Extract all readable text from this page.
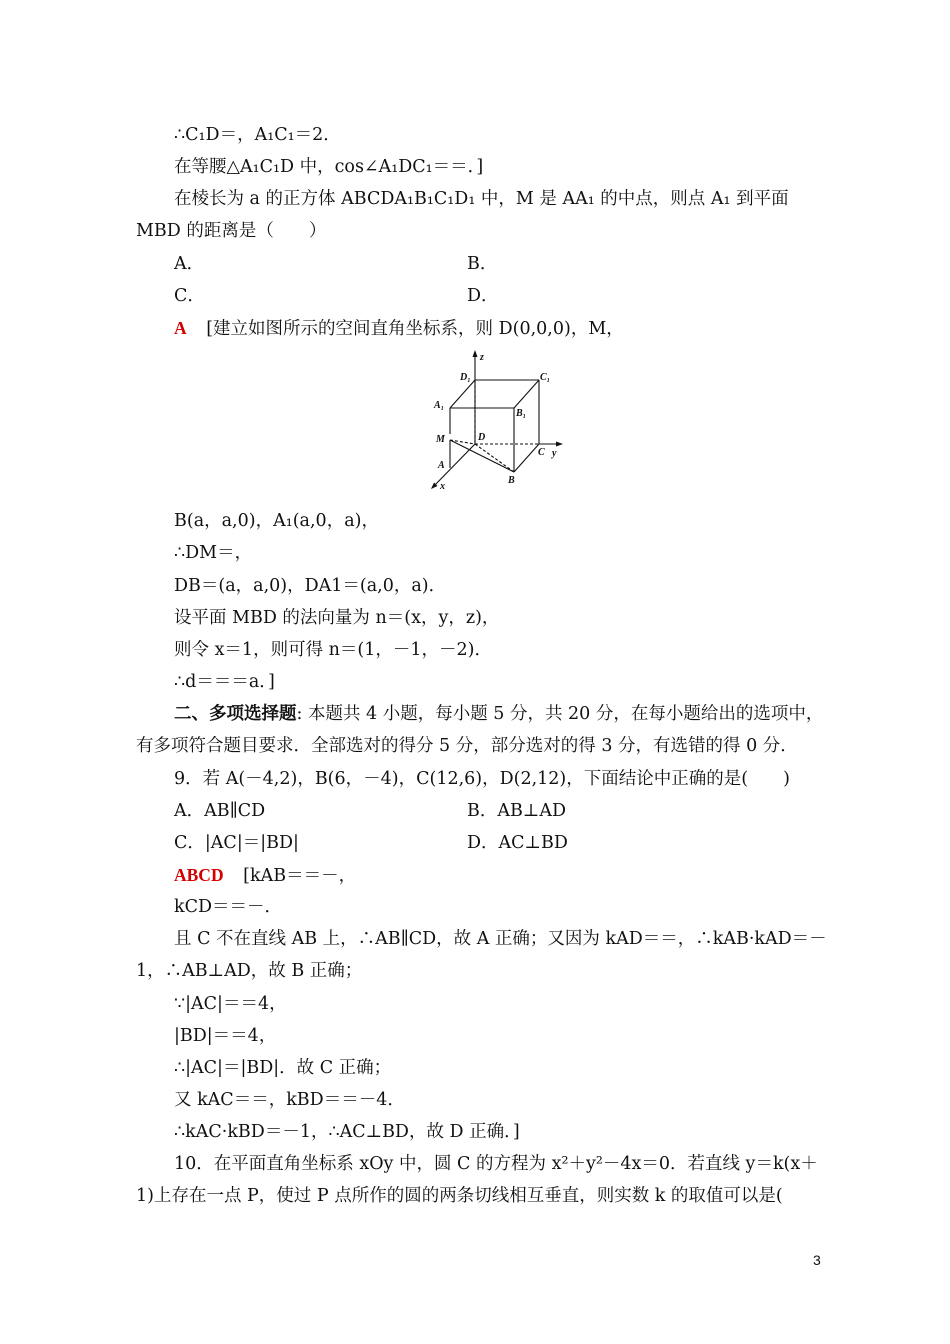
∴C₁D＝，A₁C₁＝2．
在等腰△A₁C₁D 中，cos∠A₁DC₁＝＝．]
在棱长为 a 的正方体 ABCDA₁B₁C₁D₁ 中，M 是 AA₁ 的中点，则点 A₁ 到平面
MBD 的距离是（　　）
A．	B．
C．	D．
A [建立如图所示的空间直角坐标系，则 D(0,0,0)，M，
z
y
x
D₁	C₁
A₁
B₁
M	D
C
A
B
B(a，a,0)，A₁(a,0，a)，
∴DM＝，
DB＝(a，a,0)，DA1＝(a,0，a)．
设平面 MBD 的法向量为 n＝(x，y，z)，
则令 x＝1，则可得 n＝(1，－1，－2)．
∴d＝＝＝a．]
二、多项选择题: 本题共 4 小题，每小题 5 分，共 20 分，在每小题给出的选项中，
有多项符合题目要求．全部选对的得分 5 分，部分选对的得 3 分，有选错的得 0 分．
9．若 A(－4,2)，B(6，－4)，C(12,6)，D(2,12)，下面结论中正确的是(　　)
A．AB∥CD	B．AB⊥AD
C．|AC|＝|BD|	D．AC⊥BD
ABCD [kAB＝＝－，
kCD＝＝－．
且 C 不在直线 AB 上，∴AB∥CD，故 A 正确；又因为 kAD＝＝，∴kAB·kAD＝－
1，∴AB⊥AD，故 B 正确；
∵|AC|＝＝4，
|BD|＝＝4，
∴|AC|＝|BD|．故 C 正确；
又 kAC＝＝，kBD＝＝－4．
∴kAC·kBD＝－1，∴AC⊥BD，故 D 正确．]
10．在平面直角坐标系 xOy 中，圆 C 的方程为 x²＋y²－4x＝0．若直线 y＝k(x＋
1)上存在一点 P，使过 P 点所作的圆的两条切线相互垂直，则实数 k 的取值可以是(
3
